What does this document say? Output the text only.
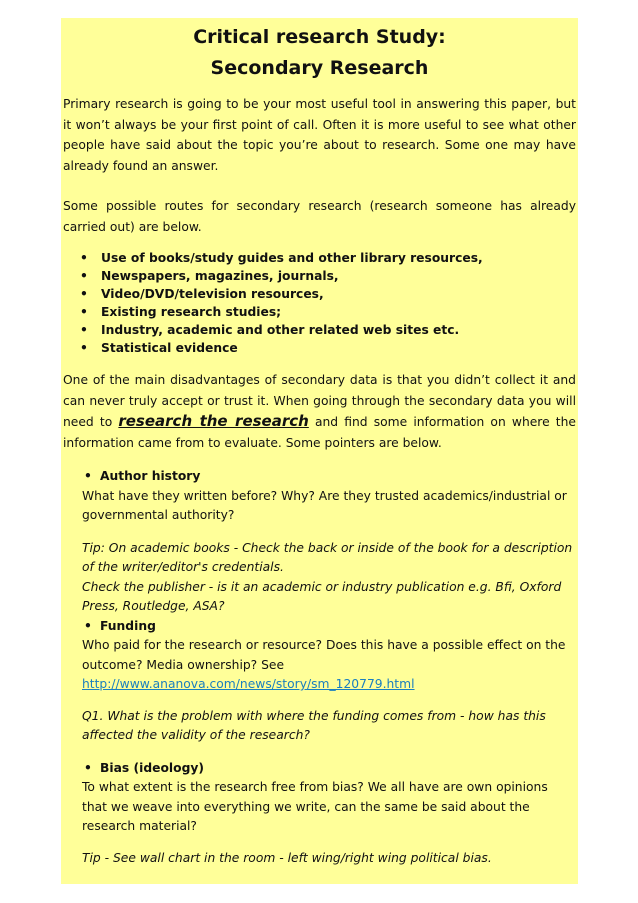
Critical research Study:
Secondary Research

Primary research is going to be your most useful tool in answering this paper, but it won’t always be your first point of call. Often it is more useful to see what other people have said about the topic you’re about to research. Some one may have already found an answer.

Some possible routes for secondary research (research someone has already carried out) are below.

• Use of books/study guides and other library resources,
• Newspapers, magazines, journals,
• Video/DVD/television resources,
• Existing research studies;
• Industry, academic and other related web sites etc.
• Statistical evidence

One of the main disadvantages of secondary data is that you didn’t collect it and can never truly accept or trust it. When going through the secondary data you will need to research the research and find some information on where the information came from to evaluate. Some pointers are below.

• Author history

What have they written before? Why? Are they trusted academics/industrial or governmental authority?

Tip: On academic books - Check the back or inside of the book for a description of the writer/editor's credentials.

Check the publisher - is it an academic or industry publication e.g. Bfi, Oxford Press, Routledge, ASA?

• Funding

Who paid for the research or resource? Does this have a possible effect on the outcome? Media ownership? See

http://www.ananova.com/news/story/sm_120779.html

Q1. What is the problem with where the funding comes from - how has this affected the validity of the research?

• Bias (ideology)

To what extent is the research free from bias? We all have are own opinions that we weave into everything we write, can the same be said about the research material?

Tip - See wall chart in the room - left wing/right wing political bias.
